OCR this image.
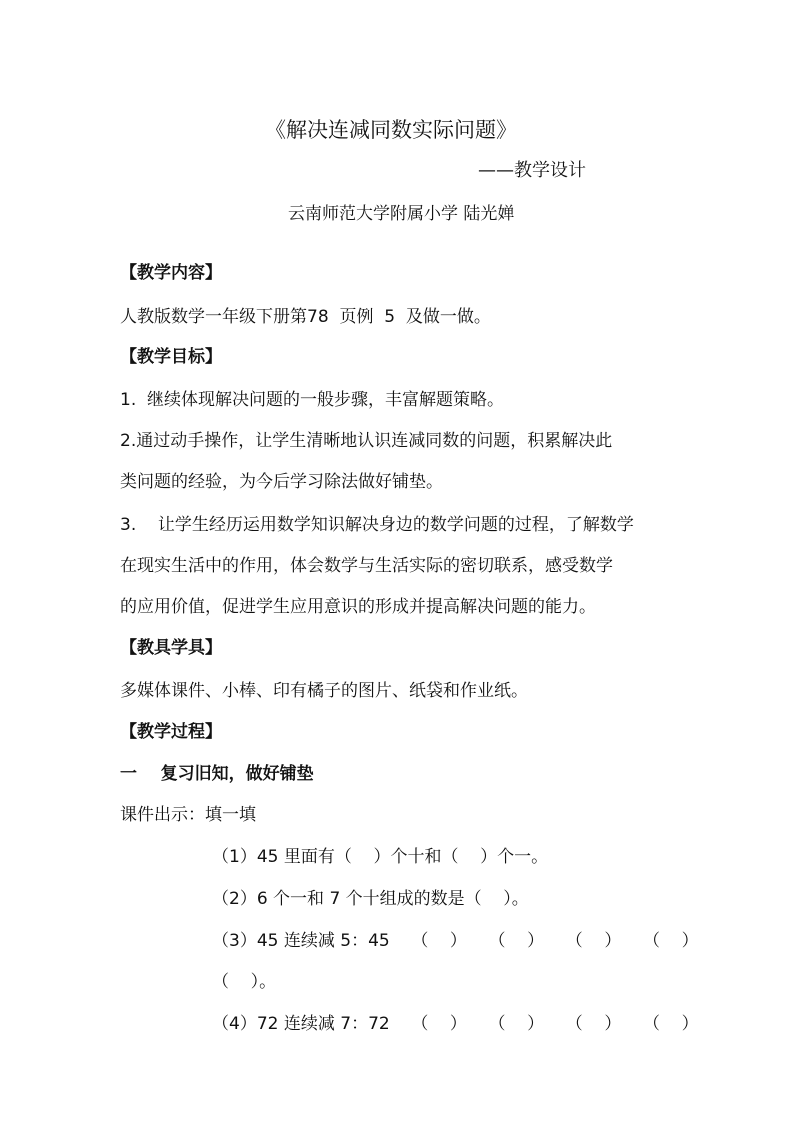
《解决连减同数实际问题》
——教学设计
云南师范大学附属小学 陆光婵
【教学内容】
人教版数学一年级下册第78  页例  5  及做一做。
【教学目标】
1.  继续体现解决问题的一般步骤，丰富解题策略。
2.通过动手操作，让学生清晰地认识连减同数的问题，积累解决此
类问题的经验，为今后学习除法做好铺垫。
3.    让学生经历运用数学知识解决身边的数学问题的过程，了解数学
在现实生活中的作用，体会数学与生活实际的密切联系，感受数学
的应用价值，促进学生应用意识的形成并提高解决问题的能力。
【教具学具】
多媒体课件、小棒、印有橘子的图片、纸袋和作业纸。
【教学过程】
一    复习旧知，做好铺垫
课件出示：填一填
（1）45 里面有（    ）个十和（    ）个一。
（2）6 个一和 7 个十组成的数是（    ）。
（3）45 连续减 5：45    （    ）    （    ）    （    ）    （    ）
（    ）。
（4）72 连续减 7：72    （    ）    （    ）    （    ）    （    ）
